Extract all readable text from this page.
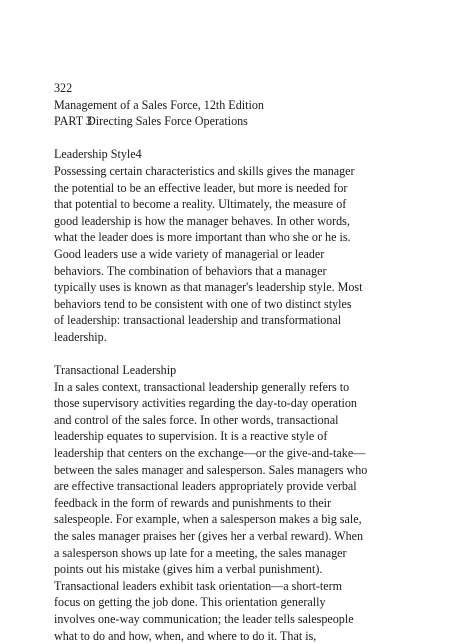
322
Management of a Sales Force, 12th Edition
PART 3Directing Sales Force Operations
Leadership Style4
Possessing certain characteristics and skills gives the manager
the potential to be an effective leader, but more is needed for
that potential to become a reality. Ultimately, the measure of
good leadership is how the manager behaves. In other words,
what the leader does is more important than who she or he is.
Good leaders use a wide variety of managerial or leader
behaviors. The combination of behaviors that a manager
typically uses is known as that manager's leadership style. Most
behaviors tend to be consistent with one of two distinct styles
of leadership: transactional leadership and transformational
leadership.
Transactional Leadership
In a sales context, transactional leadership generally refers to
those supervisory activities regarding the day-to-day operation
and control of the sales force. In other words, transactional
leadership equates to supervision. It is a reactive style of
leadership that centers on the exchange—or the give-and-take—
between the sales manager and salesperson. Sales managers who
are effective transactional leaders appropriately provide verbal
feedback in the form of rewards and punishments to their
salespeople. For example, when a salesperson makes a big sale,
the sales manager praises her (gives her a verbal reward). When
a salesperson shows up late for a meeting, the sales manager
points out his mistake (gives him a verbal punishment).
Transactional leaders exhibit task orientation—a short-term
focus on getting the job done. This orientation generally
involves one-way communication; the leader tells salespeople
what to do and how, when, and where to do it. That is,
